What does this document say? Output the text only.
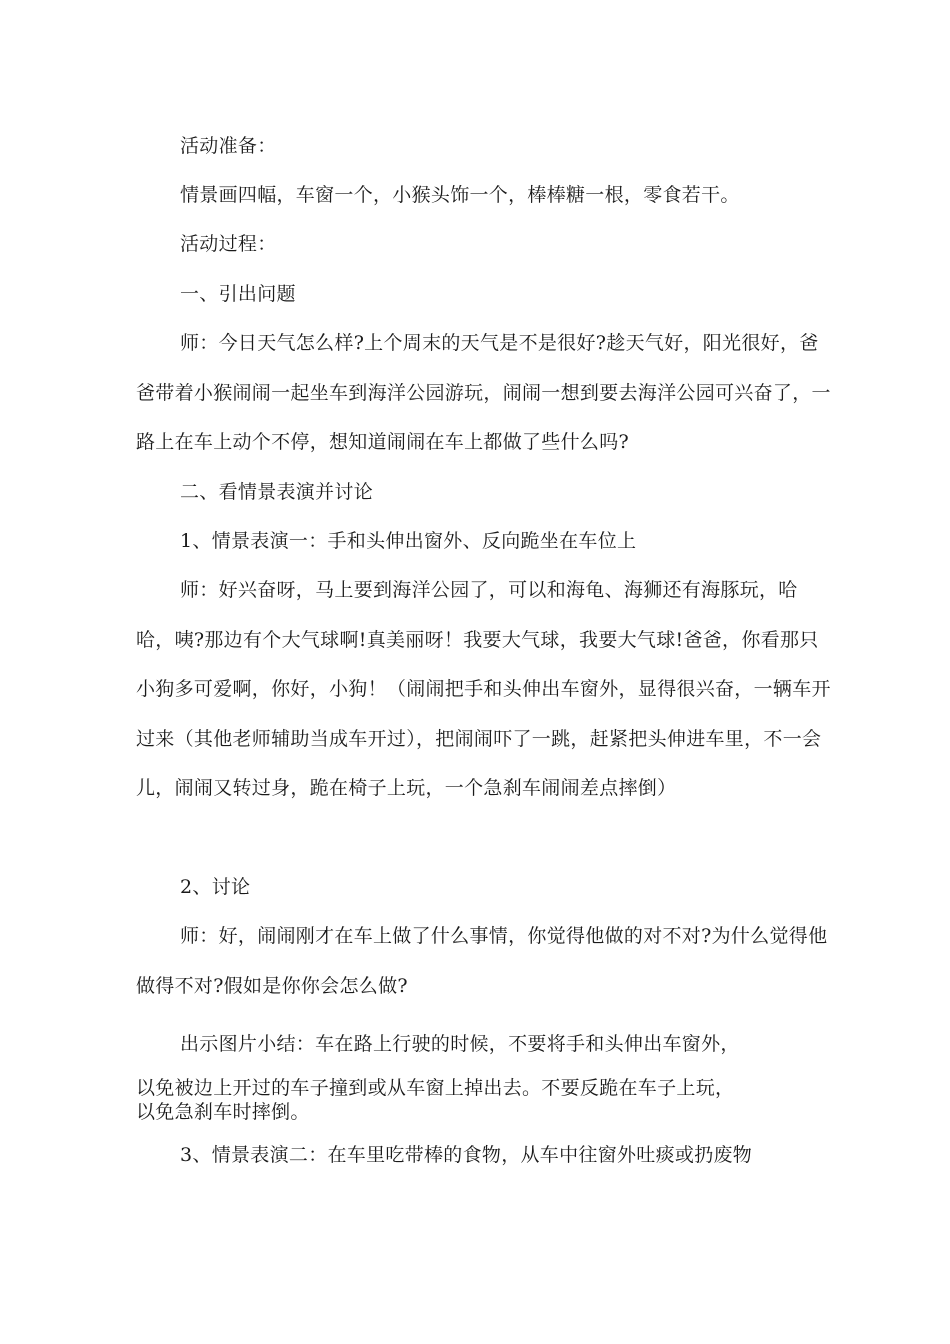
活动准备：

情景画四幅，车窗一个，小猴头饰一个，棒棒糖一根，零食若干。

活动过程：

一、引出问题

师：今日天气怎么样?上个周末的天气是不是很好?趁天气好，阳光很好，爸爸带着小猴闹闹一起坐车到海洋公园游玩，闹闹一想到要去海洋公园可兴奋了，一路上在车上动个不停，想知道闹闹在车上都做了些什么吗?

二、看情景表演并讨论

1、情景表演一：手和头伸出窗外、反向跪坐在车位上

师：好兴奋呀，马上要到海洋公园了，可以和海龟、海狮还有海豚玩，哈哈，咦?那边有个大气球啊!真美丽呀！我要大气球，我要大气球!爸爸，你看那只小狗多可爱啊，你好，小狗！（闹闹把手和头伸出车窗外，显得很兴奋，一辆车开过来（其他老师辅助当成车开过），把闹闹吓了一跳，赶紧把头伸进车里，不一会儿，闹闹又转过身，跪在椅子上玩，一个急刹车闹闹差点摔倒）

2、讨论

师：好，闹闹刚才在车上做了什么事情，你觉得他做的对不对?为什么觉得他做得不对?假如是你你会怎么做?

出示图片小结：车在路上行驶的时候，不要将手和头伸出车窗外，

以免被边上开过的车子撞到或从车窗上掉出去。不要反跪在车子上玩，

以免急刹车时摔倒。

3、情景表演二：在车里吃带棒的食物，从车中往窗外吐痰或扔废物
